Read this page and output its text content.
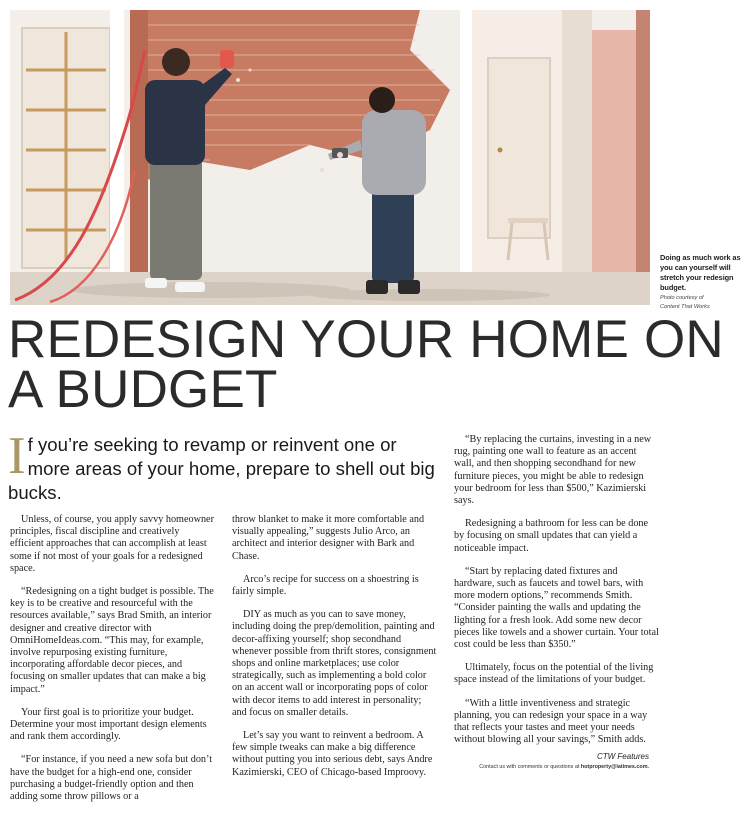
Doing as much work as you can yourself will stretch your redesign budget.
Photo courtesy of
Content That Works
REDESIGN YOUR HOME ON A BUDGET
If you’re seeking to revamp or reinvent one or more areas of your home, prepare to shell out big bucks.

Unless, of course, you apply savvy homeowner principles, fiscal discipline and creatively efficient approaches that can accomplish at least some if not most of your goals for a redesigned space.

“Redesigning on a tight budget is possible. The key is to be creative and resourceful with the resources available,” says Brad Smith, an interior designer and creative director with OmniHomeIdeas.com. “This may, for example, involve repurposing existing furniture, incorporating affordable decor pieces, and focusing on smaller updates that can make a big impact.”

Your first goal is to prioritize your budget. Determine your most important design elements and rank them accordingly.

“For instance, if you need a new sofa but don’t have the budget for a high-end one, consider purchasing a budget-friendly option and then adding some throw pillows or a

throw blanket to make it more comfortable and visually appealing,” suggests Julio Arco, an architect and interior designer with Bark and Chase.

Arco’s recipe for success on a shoestring is fairly simple.

DIY as much as you can to save money, including doing the prep/demolition, painting and decor-affixing yourself; shop secondhand whenever possible from thrift stores, consignment shops and online marketplaces; use color strategically, such as implementing a bold color on an accent wall or incorporating pops of color with decor items to add interest in personality; and focus on smaller details.

Let’s say you want to reinvent a bedroom. A few simple tweaks can make a big difference without putting you into serious debt, says Andre Kazimierski, CEO of Chicago-based Improovy.

“By replacing the curtains, investing in a new rug, painting one wall to feature as an accent wall, and then shopping secondhand for new furniture pieces, you might be able to redesign your bedroom for less than $500,” Kazimierski says.

Redesigning a bathroom for less can be done by focusing on small updates that can yield a noticeable impact.

“Start by replacing dated fixtures and hardware, such as faucets and towel bars, with more modern options,” recommends Smith. “Consider painting the walls and updating the lighting for a fresh look. Add some new decor pieces like towels and a shower curtain. Your total cost could be less than $350.”

Ultimately, focus on the potential of the living space instead of the limitations of your budget.

“With a little inventiveness and strategic planning, you can redesign your space in a way that reflects your tastes and meet your needs without blowing all your savings,” Smith adds.

CTW Features
Contact us with comments or questions at hotproperty@latimes.com.
